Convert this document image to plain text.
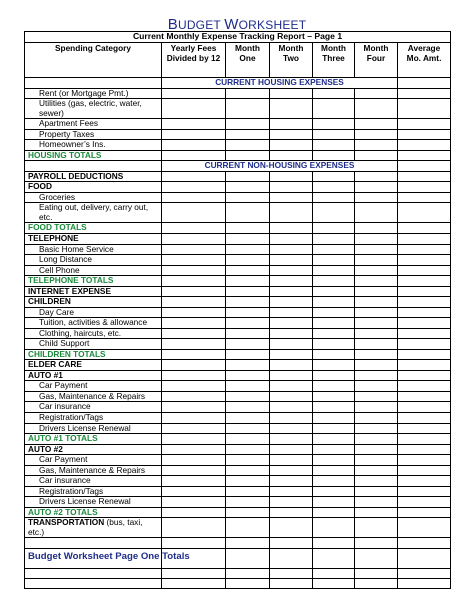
BUDGET WORKSHEET
Current Monthly Expense Tracking Report – Page 1						
Spending Category	Yearly Fees Divided by 12	Month One	Month Two	Month Three	Month Four	Average Mo. Amt.
	CURRENT HOUSING EXPENSES					
Rent (or Mortgage Pmt.)						
Utilities (gas, electric, water, sewer)						
Apartment Fees						
Property Taxes						
Homeowner’s Ins.						
HOUSING TOTALS						
	CURRENT NON-HOUSING EXPENSES					
PAYROLL DEDUCTIONS						
FOOD						
Groceries						
Eating out, delivery, carry out, etc.						
FOOD TOTALS						
TELEPHONE						
Basic Home Service						
Long Distance						
Cell Phone						
TELEPHONE TOTALS						
INTERNET EXPENSE						
CHILDREN						
Day Care						
Tuition, activities & allowance						
Clothing, haircuts, etc.						
Child Support						
CHILDREN TOTALS						
ELDER CARE						
AUTO #1						
Car Payment						
Gas, Maintenance & Repairs						
Car insurance						
Registration/Tags						
Drivers License Renewal						
AUTO #1 TOTALS						
AUTO #2						
Car Payment						
Gas, Maintenance & Repairs						
Car insurance						
Registration/Tags						
Drivers License Renewal						
AUTO #2 TOTALS						
TRANSPORTATION (bus, taxi, etc.)						

Budget Worksheet Page One Totals						
